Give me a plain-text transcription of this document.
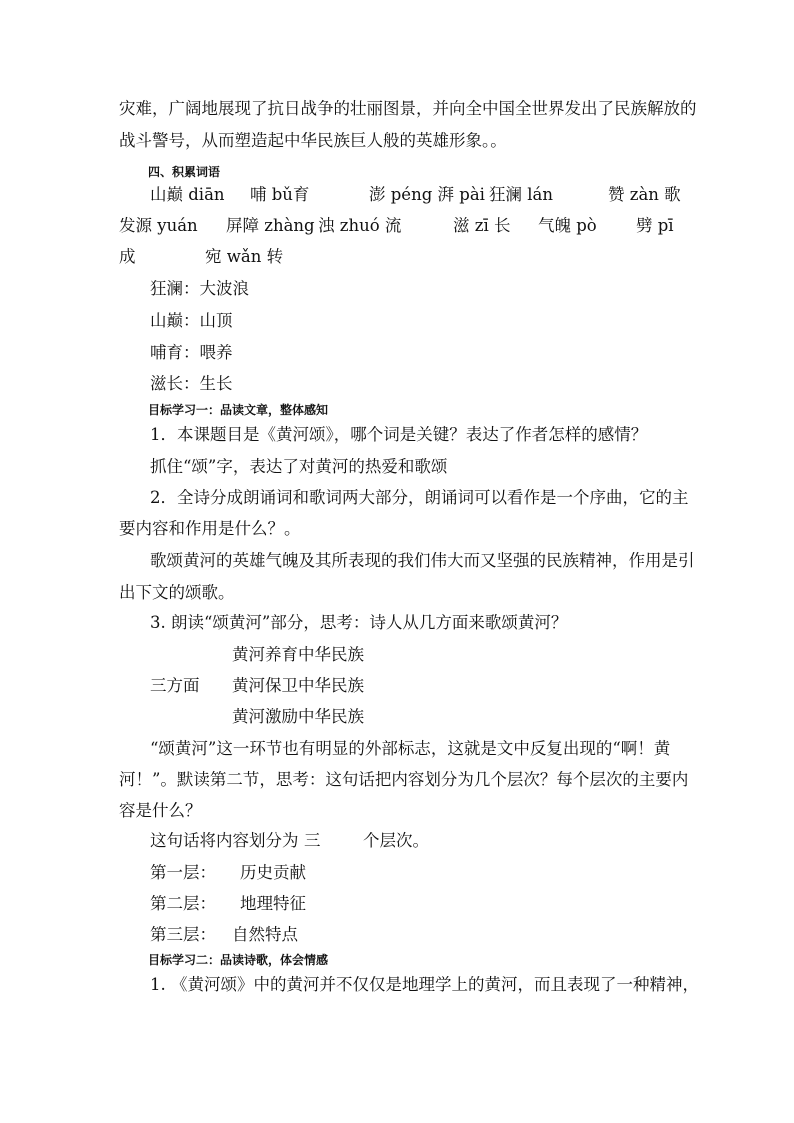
灾难，广阔地展现了抗日战争的壮丽图景，并向全中国全世界发出了民族解放的
战斗警号，从而塑造起中华民族巨人般的英雄形象。。
四、积累词语
山巅 diān 哺 bǔ育	澎 péng 湃 pài 狂澜 lán	赞 zàn 歌
发源 yuán 屏障 zhàng 浊 zhuó 流	滋 zī 长 气魄 pò 劈 pī
成	宛 wǎn 转
狂澜：大波浪
山巅：山顶
哺育：喂养
滋长：生长
目标学习一：品读文章，整体感知
1．本课题目是《黄河颂》，哪个词是关键？表达了作者怎样的感情？
抓住“颂”字，表达了对黄河的热爱和歌颂
2．全诗分成朗诵词和歌词两大部分，朗诵词可以看作是一个序曲，它的主
要内容和作用是什么？。
歌颂黄河的英雄气魄及其所表现的我们伟大而又坚强的民族精神，作用是引
出下文的颂歌。
3. 朗读“颂黄河”部分，思考：诗人从几方面来歌颂黄河？
黄河养育中华民族
三方面 黄河保卫中华民族
黄河激励中华民族
“颂黄河”这一环节也有明显的外部标志，这就是文中反复出现的“啊！黄
河！”。默读第二节，思考：这句话把内容划分为几个层次？每个层次的主要内
容是什么？
这句话将内容划分为 三	个层次。
第一层： 历史贡献
第二层： 地理特征
第三层： 自然特点
目标学习二：品读诗歌，体会情感
1. 《黄河颂》中的黄河并不仅仅是地理学上的黄河，而且表现了一种精神，
